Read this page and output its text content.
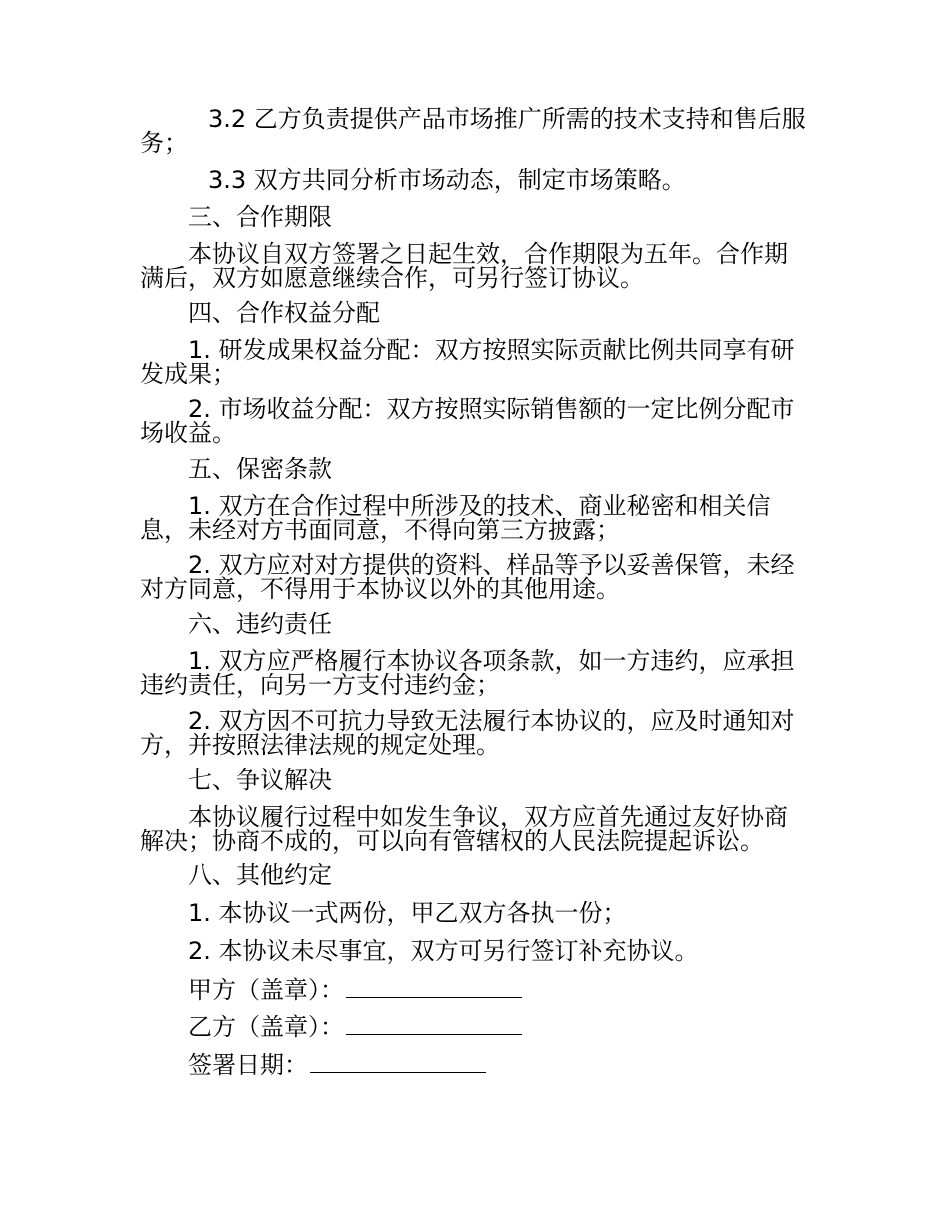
3.2 乙方负责提供产品市场推广所需的技术支持和售后服务；
3.3 双方共同分析市场动态，制定市场策略。
三、合作期限
本协议自双方签署之日起生效，合作期限为五年。合作期满后，双方如愿意继续合作，可另行签订协议。
四、合作权益分配
1. 研发成果权益分配：双方按照实际贡献比例共同享有研发成果；
2. 市场收益分配：双方按照实际销售额的一定比例分配市场收益。
五、保密条款
1. 双方在合作过程中所涉及的技术、商业秘密和相关信息，未经对方书面同意，不得向第三方披露；
2. 双方应对对方提供的资料、样品等予以妥善保管，未经对方同意，不得用于本协议以外的其他用途。
六、违约责任
1. 双方应严格履行本协议各项条款，如一方违约，应承担违约责任，向另一方支付违约金；
2. 双方因不可抗力导致无法履行本协议的，应及时通知对方，并按照法律法规的规定处理。
七、争议解决
本协议履行过程中如发生争议，双方应首先通过友好协商解决；协商不成的，可以向有管辖权的人民法院提起诉讼。
八、其他约定
1. 本协议一式两份，甲乙双方各执一份；
2. 本协议未尽事宜，双方可另行签订补充协议。
甲方（盖章）：
乙方（盖章）：
签署日期：
